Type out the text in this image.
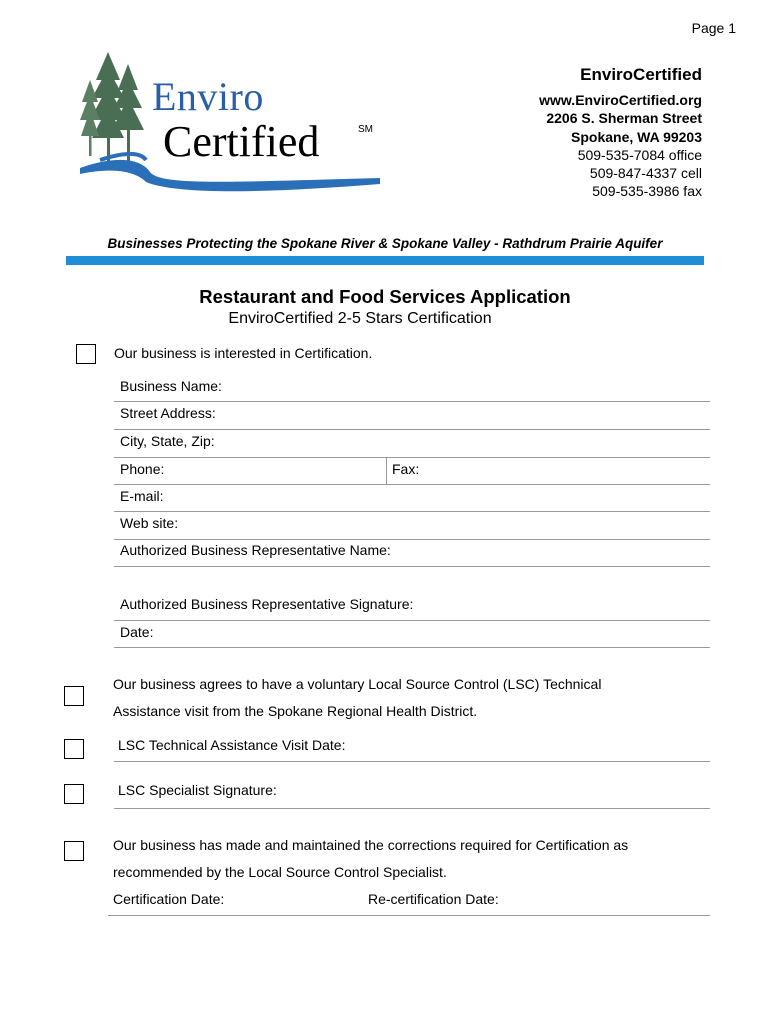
Page 1
Enviro
Certified	SM
EnviroCertified
www.EnviroCertified.org
2206 S. Sherman Street
Spokane, WA 99203
509-535-7084 office
509-847-4337 cell
509-535-3986 fax
Businesses Protecting the Spokane River & Spokane Valley - Rathdrum Prairie Aquifer
Restaurant and Food Services Application
EnviroCertified 2-5 Stars Certification
Our business is interested in Certification.
Business Name:
Street Address:
City, State, Zip:
Phone:	Fax:
E-mail:
Web site:
Authorized Business Representative Name:
Authorized Business Representative Signature:
Date:
Our business agrees to have a voluntary Local Source Control (LSC) Technical
Assistance visit from the Spokane Regional Health District.
LSC Technical Assistance Visit Date:
LSC Specialist Signature:
Our business has made and maintained the corrections required for Certification as
recommended by the Local Source Control Specialist.
Certification Date:	Re-certification Date:
